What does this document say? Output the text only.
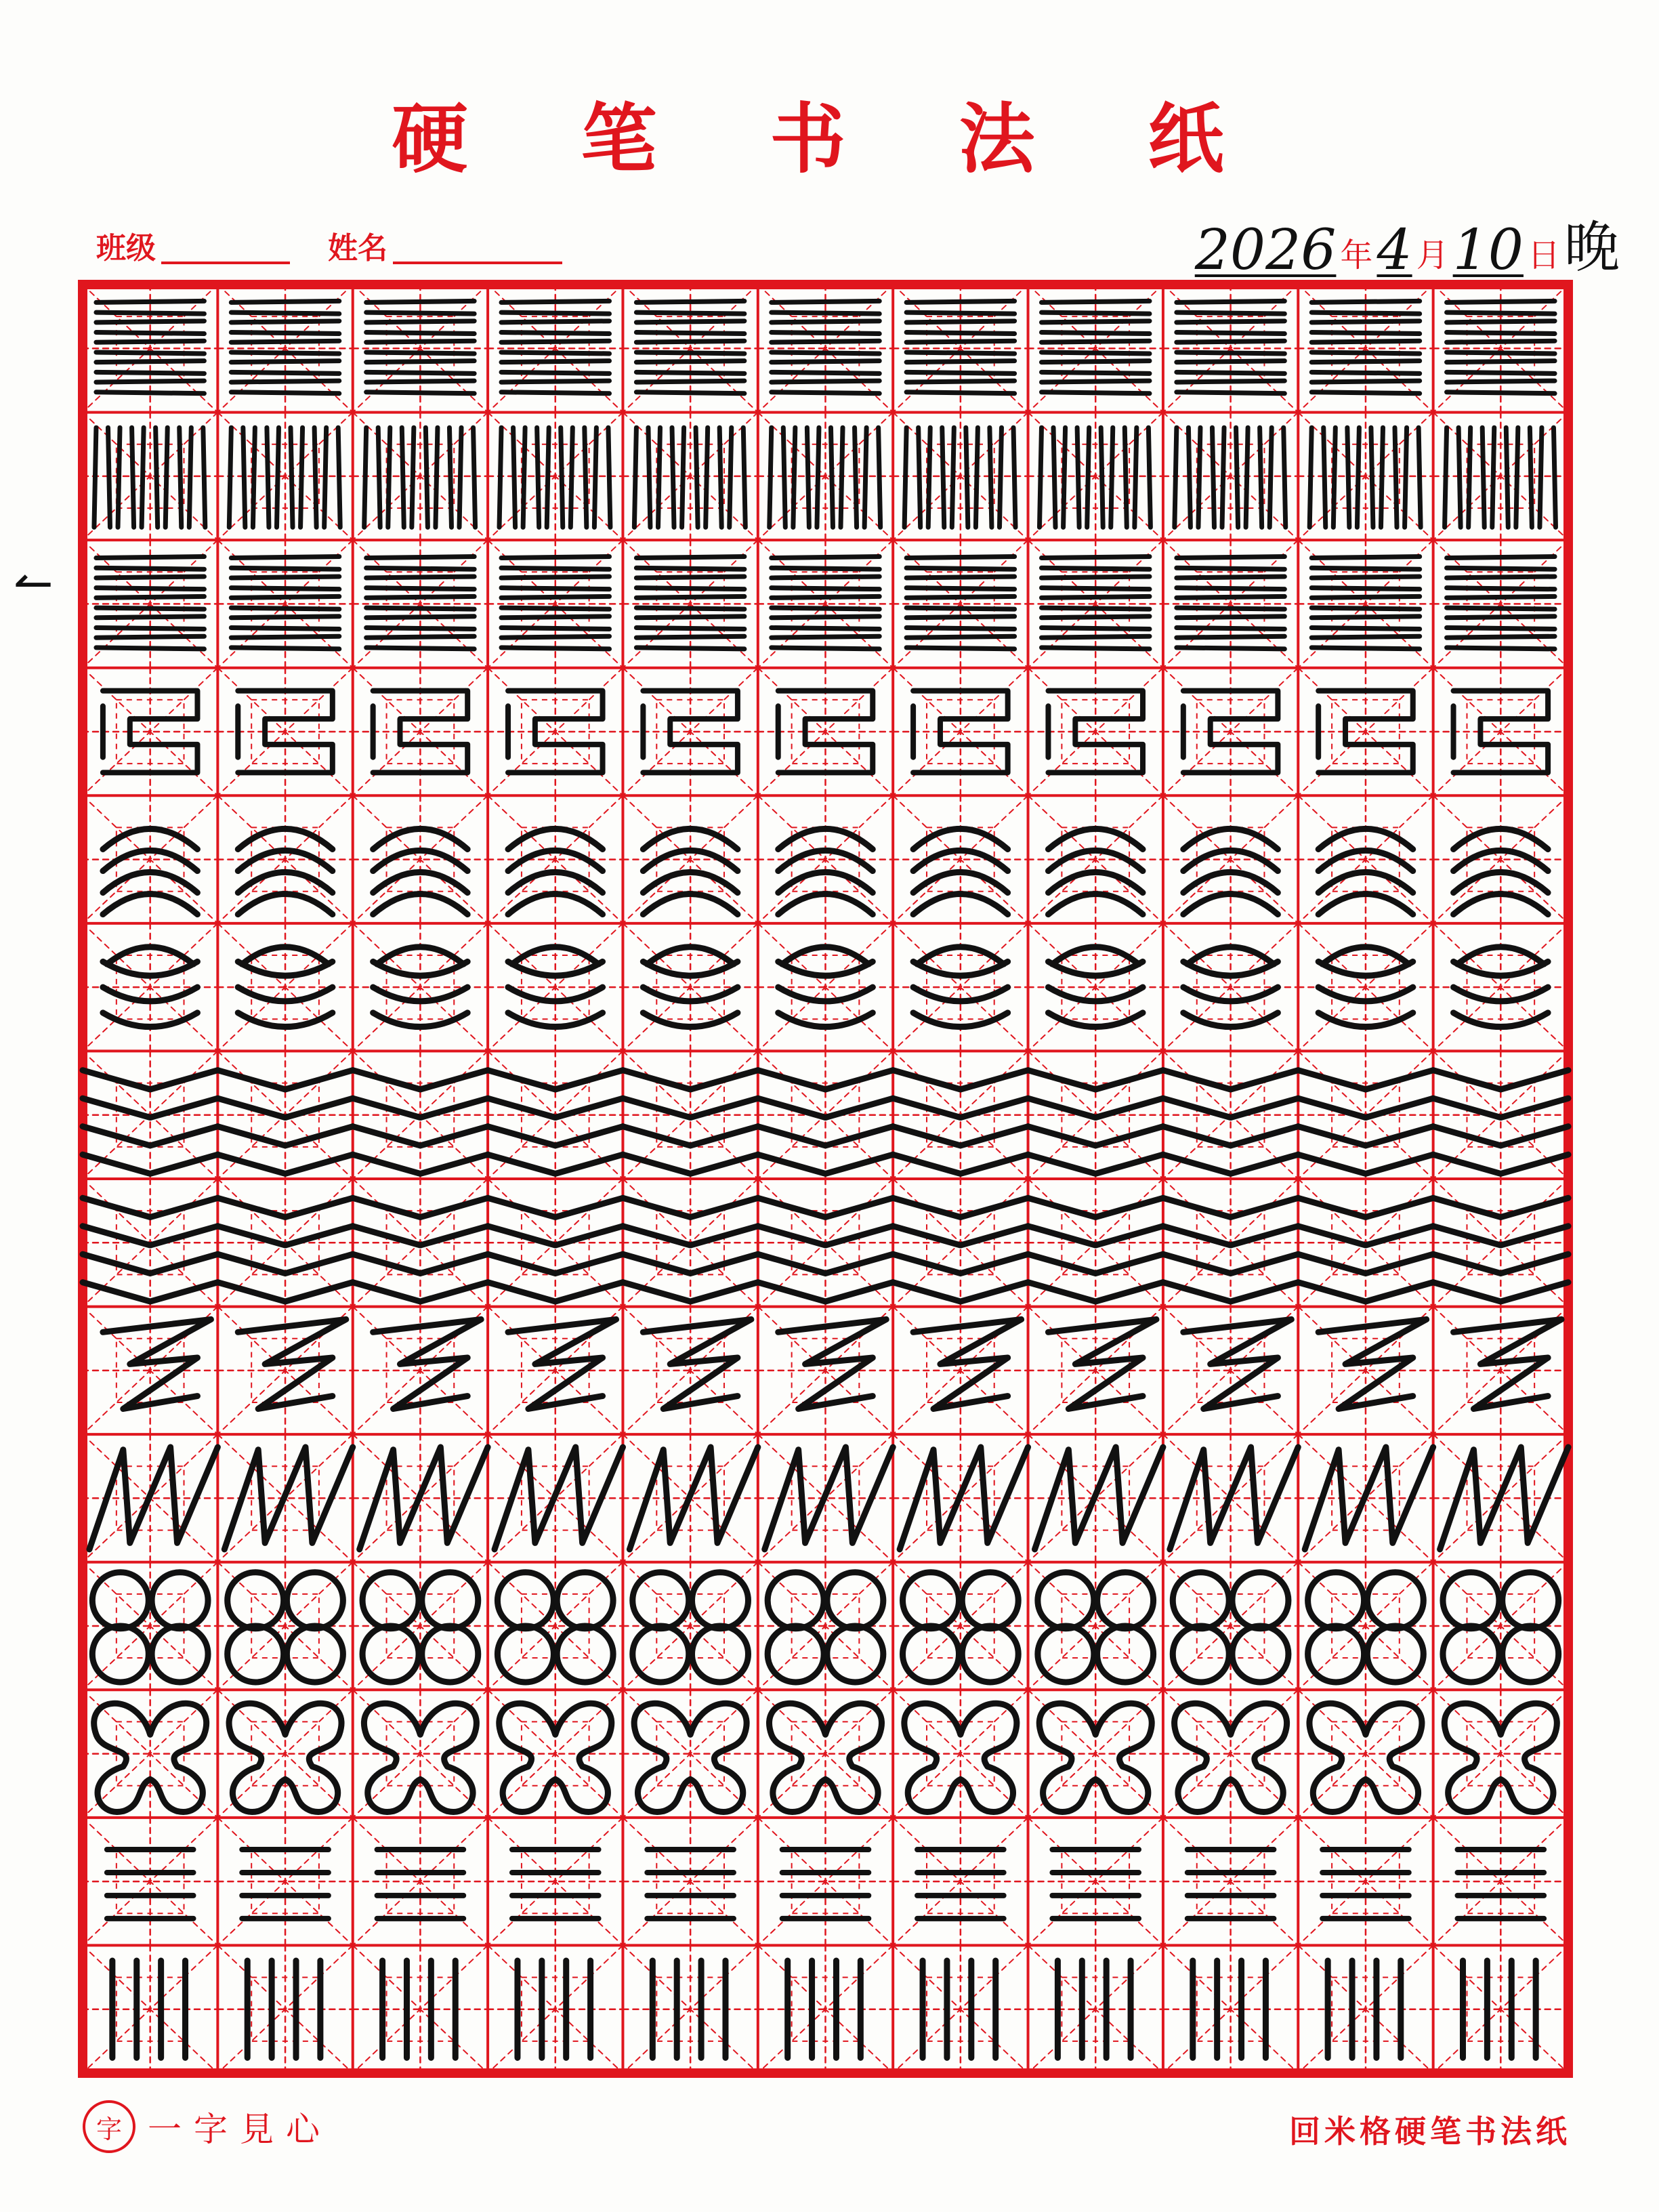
硬 笔 书 法 纸
班级	姓名	2026 年 4 月 10 日 晚
↼
字 一字見心	回米格硬笔书法纸
